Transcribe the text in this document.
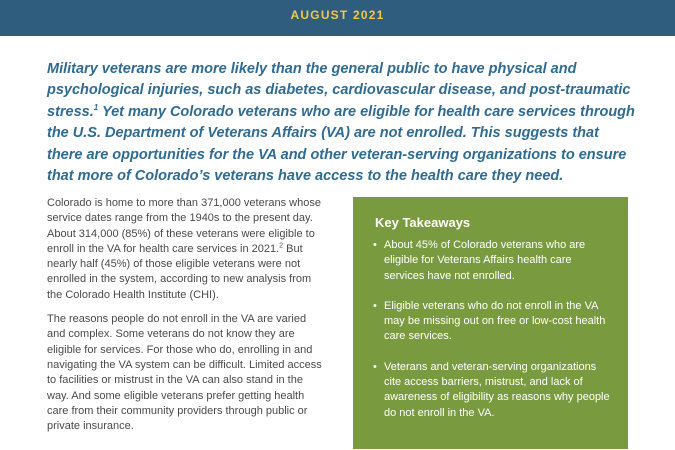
AUGUST 2021

Military veterans are more likely than the general public to have physical and psychological injuries, such as diabetes, cardiovascular disease, and post-traumatic stress.$^1$ Yet many Colorado veterans who are eligible for health care services through the U.S. Department of Veterans Affairs (VA) are not enrolled. This suggests that there are opportunities for the VA and other veteran-serving organizations to ensure that more of Colorado’s veterans have access to the health care they need.

Colorado is home to more than 371,000 veterans whose service dates range from the 1940s to the present day. About 314,000 (85%) of these veterans were eligible to enroll in the VA for health care services in 2021.$^2$ But nearly half (45%) of those eligible veterans were not enrolled in the system, according to new analysis from the Colorado Health Institute (CHI).

The reasons people do not enroll in the VA are varied and complex. Some veterans do not know they are eligible for services. For those who do, enrolling in and navigating the VA system can be difficult. Limited access to facilities or mistrust in the VA can also stand in the way. And some eligible veterans prefer getting health care from their community providers through public or private insurance.

Key Takeaways
• About 45% of Colorado veterans who are eligible for Veterans Affairs health care services have not enrolled.
• Eligible veterans who do not enroll in the VA may be missing out on free or low-cost health care services.
• Veterans and veteran-serving organizations cite access barriers, mistrust, and lack of awareness of eligibility as reasons why people do not enroll in the VA.
